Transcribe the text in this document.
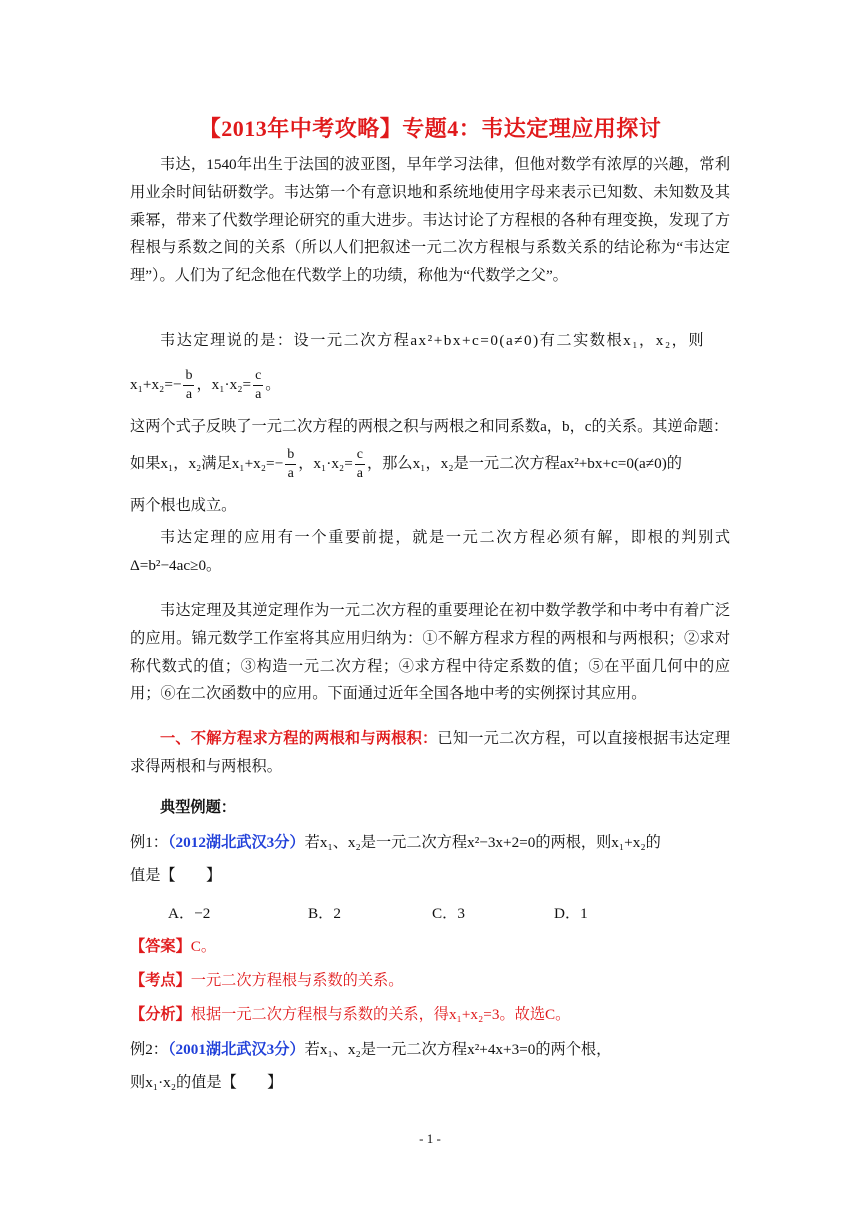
【2013年中考攻略】专题4：韦达定理应用探讨

韦达，1540年出生于法国的波亚图，早年学习法律，但他对数学有浓厚的兴趣，常利用业余时间钻研数学。韦达第一个有意识地和系统地使用字母来表示已知数、未知数及其乘幂，带来了代数学理论研究的重大进步。韦达讨论了方程根的各种有理变换，发现了方程根与系数之间的关系（所以人们把叙述一元二次方程根与系数关系的结论称为“韦达定理”）。人们为了纪念他在代数学上的功绩，称他为“代数学之父”。

韦达定理说的是：设一元二次方程ax²+bx+c=0(a≠0)有二实数根x₁，x₂，则
$x_1+x_2=- \frac{b}{a}$ ，$x_1\cdot x_2= \frac{c}{a}$ 。
这两个式子反映了一元二次方程的两根之积与两根之和同系数a，b，c的关系。其逆命题：
如果x₁，x₂满足$x_1+x_2=- \frac{b}{a}$ ，$x_1\cdot x_2= \frac{c}{a}$ ，那么x₁，x₂是一元二次方程ax²+bx+c=0(a≠0)的
两个根也成立。

韦达定理的应用有一个重要前提，就是一元二次方程必须有解，即根的判别式Δ=b²−4ac≥0。

韦达定理及其逆定理作为一元二次方程的重要理论在初中数学教学和中考中有着广泛的应用。锦元数学工作室将其应用归纳为：①不解方程求方程的两根和与两根积；②求对称代数式的值；③构造一元二次方程；④求方程中待定系数的值；⑤在平面几何中的应用；⑥在二次函数中的应用。下面通过近年全国各地中考的实例探讨其应用。

一、不解方程求方程的两根和与两根积：已知一元二次方程，可以直接根据韦达定理求得两根和与两根积。

典型例题：
例1：（2012湖北武汉3分）若x₁、x₂是一元二次方程x²−3x+2=0的两根，则x₁+x₂的
值是【　　】
A．−2	B．2	C．3	D．1
【答案】C。
【考点】一元二次方程根与系数的关系。
【分析】根据一元二次方程根与系数的关系，得x₁+x₂=3。故选C。
例2：（2001湖北武汉3分）若x₁、x₂是一元二次方程x²+4x+3=0的两个根，
则x₁·x₂的值是【　　】
- 1 -
